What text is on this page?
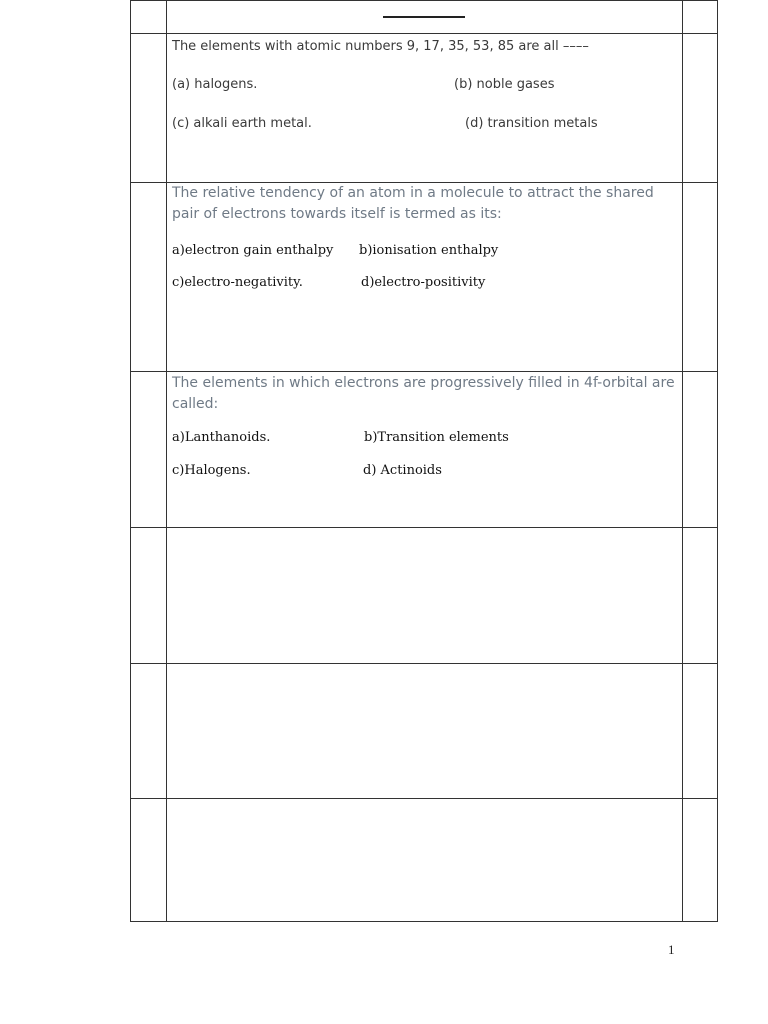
The elements with atomic numbers 9, 17, 35, 53, 85 are all ––––
(a) halogens.	(b) noble gases
(c) alkali earth metal.	(d) transition metals
The relative tendency of an atom in a molecule to attract the shared pair of electrons towards itself is termed as its:
a)electron gain enthalpy b)ionisation enthalpy
c)electro-negativity.	d)electro-positivity
The elements in which electrons are progressively filled in 4f-orbital are called:
a)Lanthanoids.	b)Transition elements
c)Halogens.	d) Actinoids
1
